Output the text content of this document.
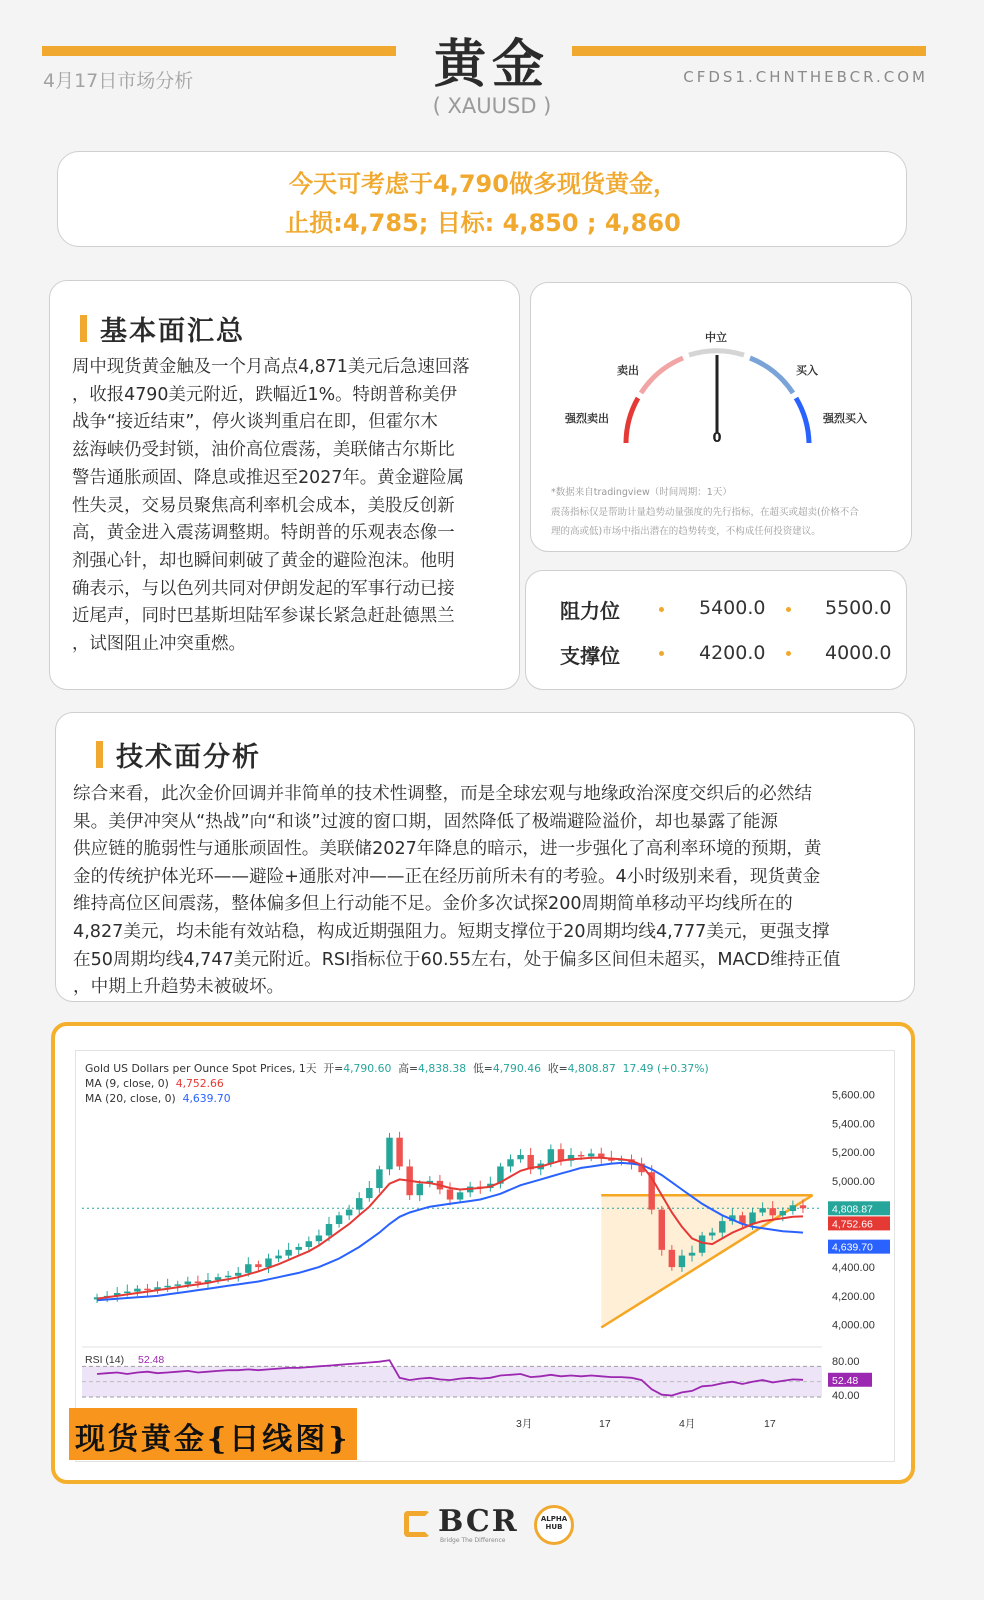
4月17日市场分析	黄金
( XAUUSD )
CFDS1.CHNTHEBCR.COM
今天可考虑于4,790做多现货黄金，
止损:4,785; 目标: 4,850 ; 4,860
基本面汇总
周中现货黄金触及一个月高点4,871美元后急速回落
，收报4790美元附近，跌幅近1%。特朗普称美伊
战争“接近结束”，停火谈判重启在即，但霍尔木
兹海峡仍受封锁，油价高位震荡，美联储古尔斯比
警告通胀顽固、降息或推迟至2027年。黄金避险属
性失灵，交易员聚焦高利率机会成本，美股反创新
高，黄金进入震荡调整期。特朗普的乐观表态像一
剂强心针，却也瞬间刺破了黄金的避险泡沫。他明
确表示，与以色列共同对伊朗发起的军事行动已接
近尾声，同时巴基斯坦陆军参谋长紧急赶赴德黑兰
，试图阻止冲突重燃。
中立
卖出	买入
强烈卖出	强烈买入
0
*数据来自tradingview（时间周期：1天）
震荡指标仅是帮助计量趋势动量强度的先行指标，在超买或超卖(价格不合
理的高或低)市场中指出潜在的趋势转变，不构成任何投资建议。
阻力位	5400.0	5500.0
支撑位	4200.0	4000.0
技术面分析
综合来看，此次金价回调并非简单的技术性调整，而是全球宏观与地缘政治深度交织后的必然结
果。美伊冲突从“热战”向“和谈”过渡的窗口期，固然降低了极端避险溢价，却也暴露了能源
供应链的脆弱性与通胀顽固性。美联储2027年降息的暗示，进一步强化了高利率环境的预期，黄
金的传统护体光环——避险+通胀对冲——正在经历前所未有的考验。4小时级别来看，现货黄金
维持高位区间震荡，整体偏多但上行动能不足。金价多次试探200周期简单移动平均线所在的
4,827美元，均未能有效站稳，构成近期强阻力。短期支撑位于20周期均线4,777美元，更强支撑
在50周期均线4,747美元附近。RSI指标位于60.55左右，处于偏多区间但未超买，MACD维持正值
，中期上升趋势未被破坏。
5,600.00
5,400.00
5,200.00
5,000.00
4,400.00
4,200.00
4,000.00
4,808.87
4,752.66
4,639.70
RSI (14) 52.48	80.00
40.00
52.48
3月	17	4月	17
Gold US Dollars per Ounce Spot Prices, 1天 开=4,790.60 高=4,838.38 低=4,790.46 收=4,808.87 17.49 (+0.37%)
MA (9, close, 0) 4,752.66
MA (20, close, 0) 4,639.70
现货黄金{日线图}
BCR
Bridge The Difference
ALPHA
HUB
